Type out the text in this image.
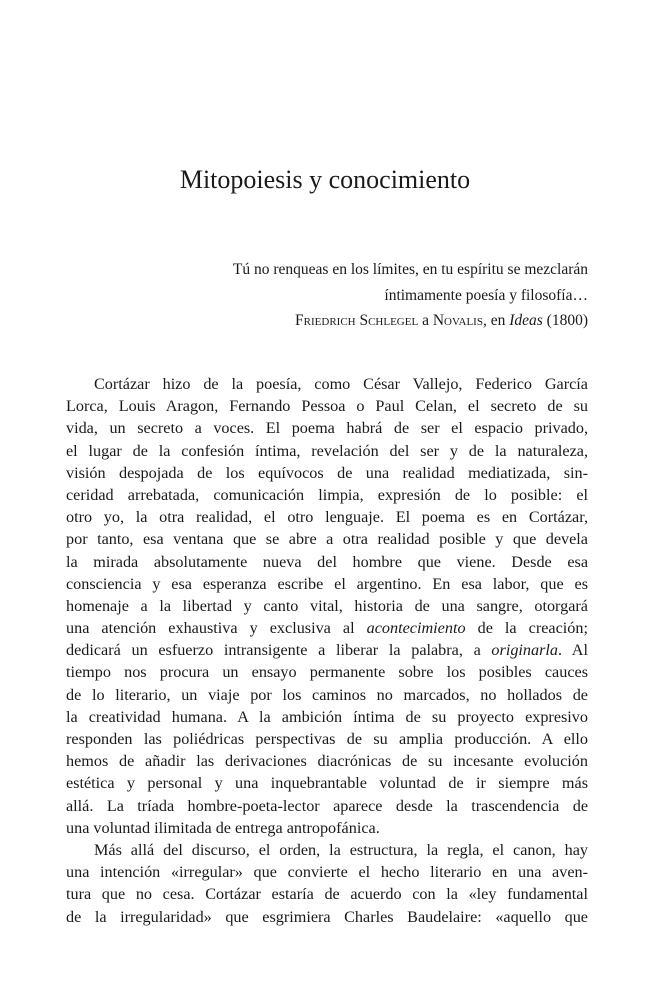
Mitopoiesis y conocimiento
Tú no renqueas en los límites, en tu espíritu se mezclarán
íntimamente poesía y filosofía…
Friedrich Schlegel a Novalis, en Ideas (1800)
Cortázar hizo de la poesía, como César Vallejo, Federico García
Lorca, Louis Aragon, Fernando Pessoa o Paul Celan, el secreto de su
vida, un secreto a voces. El poema habrá de ser el espacio privado,
el lugar de la confesión íntima, revelación del ser y de la naturaleza,
visión despojada de los equívocos de una realidad mediatizada, sin-
ceridad arrebatada, comunicación limpia, expresión de lo posible: el
otro yo, la otra realidad, el otro lenguaje. El poema es en Cortázar,
por tanto, esa ventana que se abre a otra realidad posible y que devela
la mirada absolutamente nueva del hombre que viene. Desde esa
consciencia y esa esperanza escribe el argentino. En esa labor, que es
homenaje a la libertad y canto vital, historia de una sangre, otorgará
una atención exhaustiva y exclusiva al acontecimiento de la creación;
dedicará un esfuerzo intransigente a liberar la palabra, a originarla. Al
tiempo nos procura un ensayo permanente sobre los posibles cauces
de lo literario, un viaje por los caminos no marcados, no hollados de
la creatividad humana. A la ambición íntima de su proyecto expresivo
responden las poliédricas perspectivas de su amplia producción. A ello
hemos de añadir las derivaciones diacrónicas de su incesante evolución
estética y personal y una inquebrantable voluntad de ir siempre más
allá. La tríada hombre-poeta-lector aparece desde la trascendencia de
una voluntad ilimitada de entrega antropofánica.
Más allá del discurso, el orden, la estructura, la regla, el canon, hay
una intención «irregular» que convierte el hecho literario en una aven-
tura que no cesa. Cortázar estaría de acuerdo con la «ley fundamental
de la irregularidad» que esgrimiera Charles Baudelaire: «aquello que
